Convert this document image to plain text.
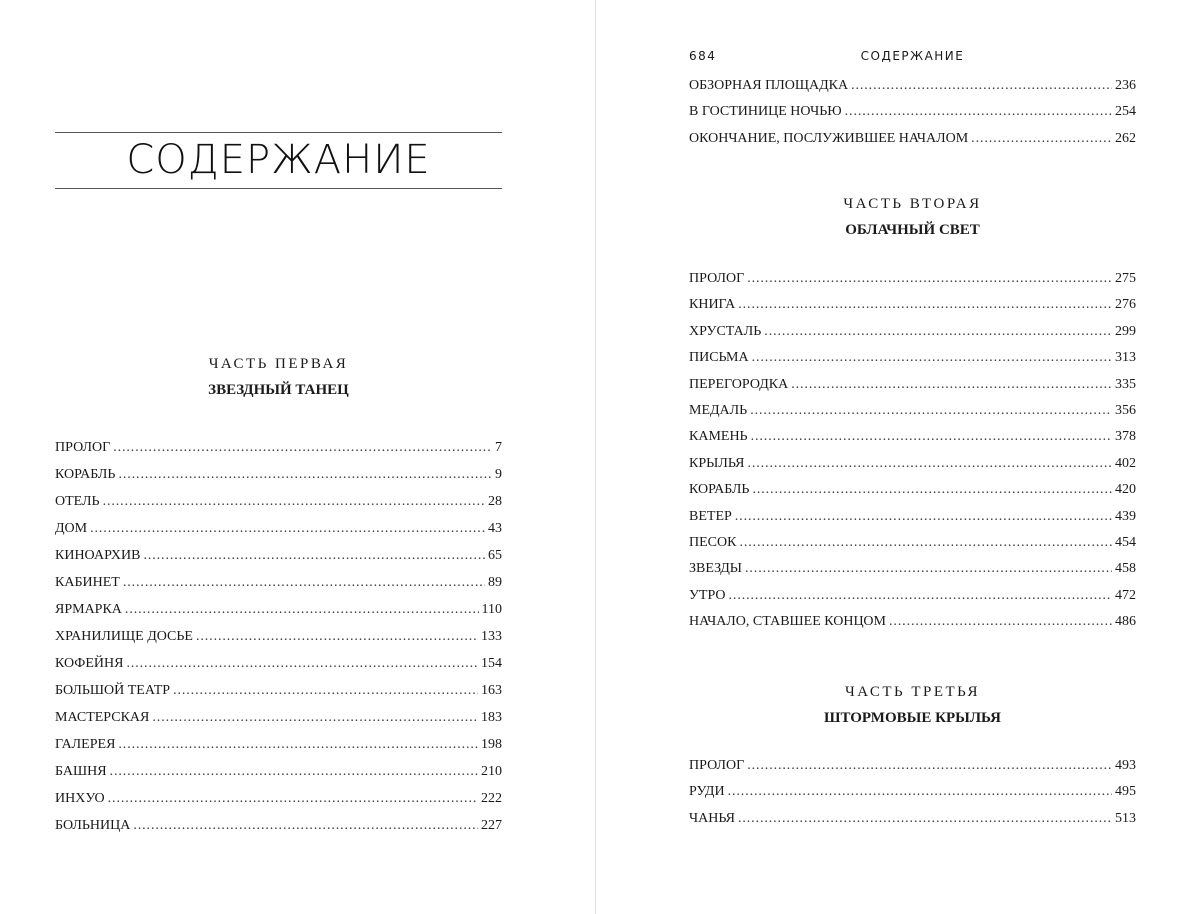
СОДЕРЖАНИЕ
ЧАСТЬ ПЕРВАЯ
ЗВЕЗДНЫЙ ТАНЕЦ
ПРОЛОГ . . .	7
КОРАБЛЬ . . .	9
ОТЕЛЬ . . .	28
ДОМ . . .	43
КИНОАРХИВ . . .	65
КАБИНЕТ . . .	89
ЯРМАРКА . . .	110
ХРАНИЛИЩЕ ДОСЬЕ . . .	133
КОФЕЙНЯ . . .	154
БОЛЬШОЙ ТЕАТР . . .	163
МАСТЕРСКАЯ . . .	183
ГАЛЕРЕЯ . . .	198
БАШНЯ . . .	210
ИНХУО . . .	222
БОЛЬНИЦА . . .	227
684	СОДЕРЖАНИЕ
ОБЗОРНАЯ ПЛОЩАДКА . . .	236
В ГОСТИНИЦЕ НОЧЬЮ . . .	254
ОКОНЧАНИЕ, ПОСЛУЖИВШЕЕ НАЧАЛОМ . . .	262
ЧАСТЬ ВТОРАЯ
ОБЛАЧНЫЙ СВЕТ
ПРОЛОГ . . .	275
КНИГА . . .	276
ХРУСТАЛЬ . . .	299
ПИСЬМА . . .	313
ПЕРЕГОРОДКА . . .	335
МЕДАЛЬ . . .	356
КАМЕНЬ . . .	378
КРЫЛЬЯ . . .	402
КОРАБЛЬ . . .	420
ВЕТЕР . . .	439
ПЕСОК . . .	454
ЗВЕЗДЫ . . .	458
УТРО . . .	472
НАЧАЛО, СТАВШЕЕ КОНЦОМ . . .	486
ЧАСТЬ ТРЕТЬЯ
ШТОРМОВЫЕ КРЫЛЬЯ
ПРОЛОГ . . .	493
РУДИ . . .	495
ЧАНЬЯ . . .	513
